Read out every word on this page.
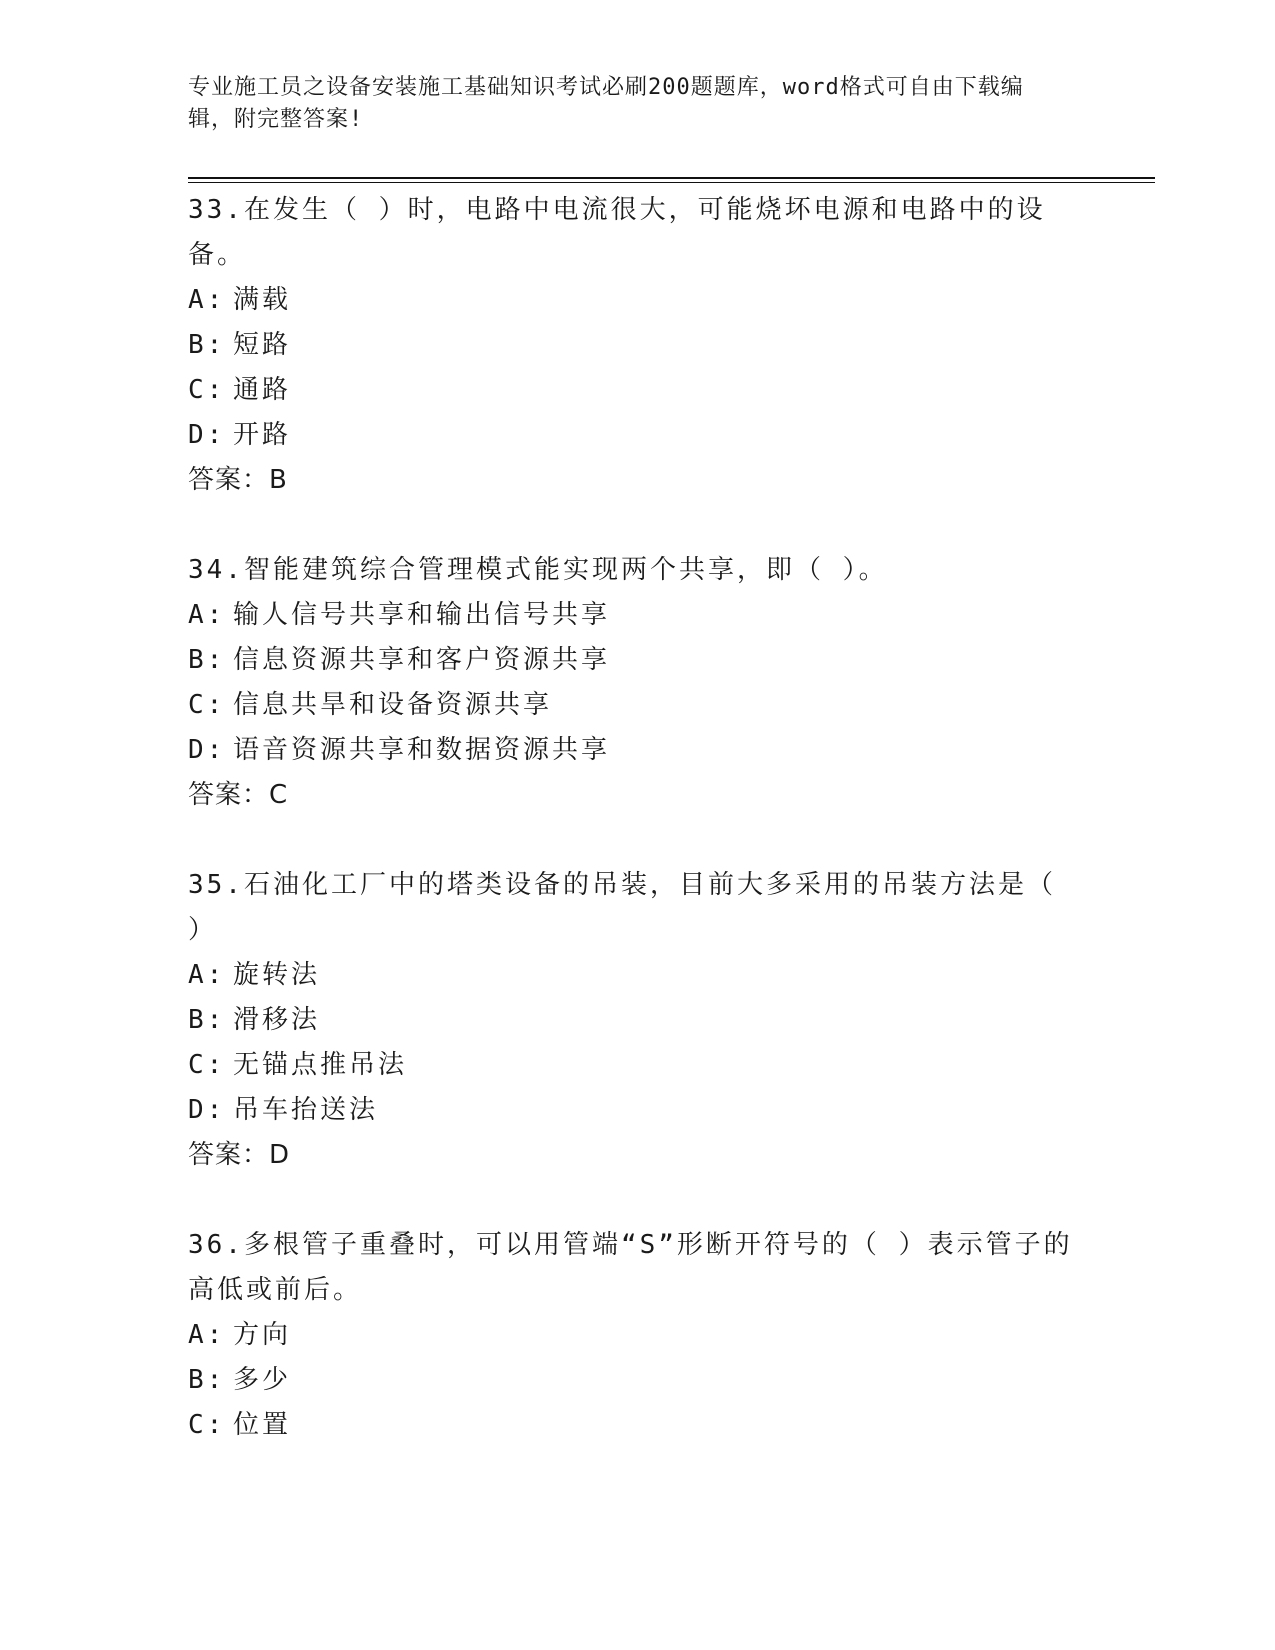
专业施工员之设备安装施工基础知识考试必刷200题题库，word格式可自由下载编辑，附完整答案!

33.在发生（ ）时，电路中电流很大，可能烧坏电源和电路中的设备。

A: 满载
B: 短路
C: 通路
D: 开路
答案：B

34.智能建筑综合管理模式能实现两个共享，即（ ）。

A: 输人信号共享和输出信号共享
B: 信息资源共享和客户资源共享
C: 信息共旱和设备资源共享
D: 语音资源共享和数据资源共享
答案：C

35.石油化工厂中的塔类设备的吊装，目前大多采用的吊装方法是（ ）

A: 旋转法
B: 滑移法
C: 无锚点推吊法
D: 吊车抬送法
答案：D

36.多根管子重叠时，可以用管端“S”形断开符号的（ ）表示管子的高低或前后。

A: 方向
B: 多少
C: 位置
